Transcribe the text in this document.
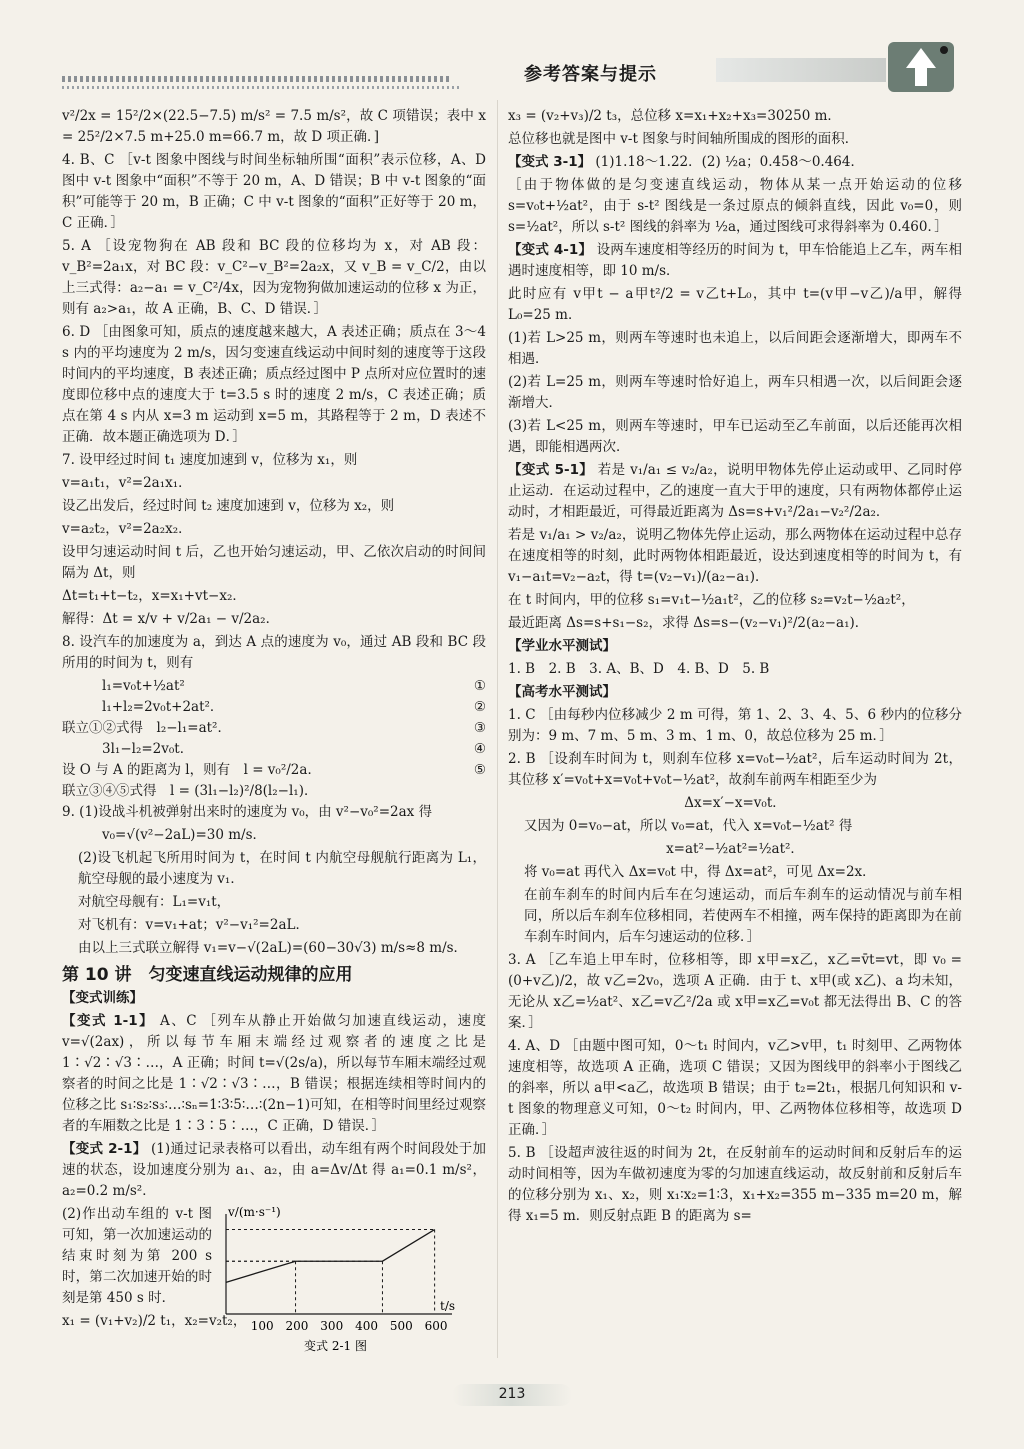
参考答案与提示

v²/2x = 15²/2×(22.5−7.5) m/s² = 7.5 m/s²，故 C 项错误；表中 x = 25²/2×7.5 m+25.0 m=66.7 m，故 D 项正确．]

4. B、C ［v-t 图象中图线与时间坐标轴所围“面积”表示位移，A、D 图中 v-t 图象中“面积”不等于 20 m，A、D 错误；B 中 v-t 图象的“面积”可能等于 20 m，B 正确；C 中 v-t 图象的“面积”正好等于 20 m，C 正确．］

5. A ［设宠物狗在 AB 段和 BC 段的位移均为 x，对 AB 段：v_B²=2a₁x，对 BC 段：v_C²−v_B²=2a₂x，又 v_B = v_C/2，由以上三式得：a₂−a₁ = v_C²/4x，因为宠物狗做加速运动的位移 x 为正，则有 a₂>a₁，故 A 正确，B、C、D 错误．］

6. D ［由图象可知，质点的速度越来越大，A 表述正确；质点在 3～4 s 内的平均速度为 2 m/s，因匀变速直线运动中间时刻的速度等于这段时间内的平均速度，B 表述正确；质点经过图中 P 点所对应位置时的速度即位移中点的速度大于 t=3.5 s 时的速度 2 m/s，C 表述正确；质点在第 4 s 内从 x=3 m 运动到 x=5 m，其路程等于 2 m，D 表述不正确．故本题正确选项为 D．］

7. 设甲经过时间 t₁ 速度加速到 v，位移为 x₁，则

v=a₁t₁，v²=2a₁x₁．

设乙出发后，经过时间 t₂ 速度加速到 v，位移为 x₂，则

v=a₂t₂，v²=2a₂x₂．

设甲匀速运动时间 t 后，乙也开始匀速运动，甲、乙依次启动的时间间隔为 Δt，则

Δt=t₁+t−t₂，x=x₁+vt−x₂．

解得：Δt = x/v + v/2a₁ − v/2a₂．

8. 设汽车的加速度为 a，到达 A 点的速度为 v₀，通过 AB 段和 BC 段所用的时间为 t，则有

l₁=v₀t+½at²	①
l₁+l₂=2v₀t+2at²．	②
联立①②式得　 l₂−l₁=at²．	③
3l₁−l₂=2v₀t．	④
设 O 与 A 的距离为 l，则有　 l = v₀²/2a．	⑤
联立③④⑤式得　 l = (3l₁−l₂)²/8(l₂−l₁)．

9. (1)设战斗机被弹射出来时的速度为 v₀，由 v²−v₀²=2ax 得

v₀=√(v²−2aL)=30 m/s．

(2)设飞机起飞所用时间为 t，在时间 t 内航空母舰航行距离为 L₁，航空母舰的最小速度为 v₁．

对航空母舰有：L₁=v₁t，

对飞机有：v=v₁+at；v²−v₁²=2aL．

由以上三式联立解得 v₁=v−√(2aL)=(60−30√3) m/s≈8 m/s．

第 10 讲　匀变速直线运动规律的应用

【变式训练】

【变式 1-1】 A、C ［列车从静止开始做匀加速直线运动，速度 v=√(2ax)，所以每节车厢末端经过观察者的速度之比是 1∶√2∶√3∶…，A 正确；时间 t=√(2s/a)，所以每节车厢末端经过观察者的时间之比是 1∶√2∶√3∶…，B 错误；根据连续相等时间内的位移之比 s₁∶s₂∶s₃∶…∶sₙ=1∶3∶5∶…∶(2n−1)可知，在相等时间里经过观察者的车厢数之比是 1∶3∶5∶…，C 正确，D 错误．］

【变式 2-1】 (1)通过记录表格可以看出，动车组有两个时间段处于加速的状态，设加速度分别为 a₁、a₂，由 a=Δv/Δt 得 a₁=0.1 m/s²，a₂=0.2 m/s²．

(2)作出动车组的 v-t 图可知，第一次加速运动的结束时刻为第 200 s 时，第二次加速开始的时刻是第 450 s 时．

x₁ = (v₁+v₂)/2 t₁，x₂=v₂t₂，

v/(m·s⁻¹)
100 200 300 400 500 600
t/s
变式 2-1 图

x₃ = (v₂+v₃)/2 t₃，总位移 x=x₁+x₂+x₃=30250 m．

总位移也就是图中 v-t 图象与时间轴所围成的图形的面积．

【变式 3-1】 (1)1.18～1.22．(2) ½a；0.458～0.464．

［由于物体做的是匀变速直线运动，物体从某一点开始运动的位移 s=v₀t+½at²，由于 s-t² 图线是一条过原点的倾斜直线，因此 v₀=0，则 s=½at²，所以 s-t² 图线的斜率为 ½a，通过图线可求得斜率为 0.460．］

【变式 4-1】 设两车速度相等经历的时间为 t，甲车恰能追上乙车，两车相遇时速度相等，即 10 m/s．

此时应有 v甲t − a甲t²/2 = v乙t+L₀，其中 t=(v甲−v乙)/a甲，解得 L₀=25 m．

(1)若 L>25 m，则两车等速时也未追上，以后间距会逐渐增大，即两车不相遇．

(2)若 L=25 m，则两车等速时恰好追上，两车只相遇一次，以后间距会逐渐增大．

(3)若 L<25 m，则两车等速时，甲车已运动至乙车前面，以后还能再次相遇，即能相遇两次．

【变式 5-1】 若是 v₁/a₁ ≤ v₂/a₂，说明甲物体先停止运动或甲、乙同时停止运动．在运动过程中，乙的速度一直大于甲的速度，只有两物体都停止运动时，才相距最近，可得最近距离为 Δs=s+v₁²/2a₁−v₂²/2a₂．

若是 v₁/a₁ > v₂/a₂，说明乙物体先停止运动，那么两物体在运动过程中总存在速度相等的时刻，此时两物体相距最近，设达到速度相等的时间为 t，有 v₁−a₁t=v₂−a₂t，得 t=(v₂−v₁)/(a₂−a₁)．

在 t 时间内，甲的位移 s₁=v₁t−½a₁t²，乙的位移 s₂=v₂t−½a₂t²，

最近距离 Δs=s+s₁−s₂，求得 Δs=s−(v₂−v₁)²/2(a₂−a₁)．

【学业水平测试】

1. B　2. B　3. A、B、D　4. B、D　5. B

【高考水平测试】

1. C ［由每秒内位移减少 2 m 可得，第 1、2、3、4、5、6 秒内的位移分别为：9 m、7 m、5 m、3 m、1 m、0，故总位移为 25 m．］

2. B ［设刹车时间为 t，则刹车位移 x=v₀t−½at²，后车运动时间为 2t，其位移 x′=v₀t+x=v₀t+v₀t−½at²，故刹车前两车相距至少为

Δx=x′−x=v₀t．

又因为 0=v₀−at，所以 v₀=at，代入 x=v₀t−½at² 得

x=at²−½at²=½at²．

将 v₀=at 再代入 Δx=v₀t 中，得 Δx=at²，可见 Δx=2x．

在前车刹车的时间内后车在匀速运动，而后车刹车的运动情况与前车相同，所以后车刹车位移相同，若使两车不相撞，两车保持的距离即为在前车刹车时间内，后车匀速运动的位移．］

3. A ［乙车追上甲车时，位移相等，即 x甲=x乙，x乙=v̄t=vt，即 v₀ = (0+v乙)/2，故 v乙=2v₀，选项 A 正确．由于 t、x甲(或 x乙)、a 均未知，无论从 x乙=½at²、x乙=v乙²/2a 或 x甲=x乙=v₀t 都无法得出 B、C 的答案．］

4. A、D ［由题中图可知，0～t₁ 时间内，v乙>v甲，t₁ 时刻甲、乙两物体速度相等，故选项 A 正确，选项 C 错误；又因为图线甲的斜率小于图线乙的斜率，所以 a甲<a乙，故选项 B 错误；由于 t₂=2t₁，根据几何知识和 v-t 图象的物理意义可知，0～t₂ 时间内，甲、乙两物体位移相等，故选项 D 正确．］

5. B ［设超声波往返的时间为 2t，在反射前车的运动时间和反射后车的运动时间相等，因为车做初速度为零的匀加速直线运动，故反射前和反射后车的位移分别为 x₁、x₂，则 x₁∶x₂=1∶3，x₁+x₂=355 m−335 m=20 m，解得 x₁=5 m．则反射点距 B 的距离为 s=

213
